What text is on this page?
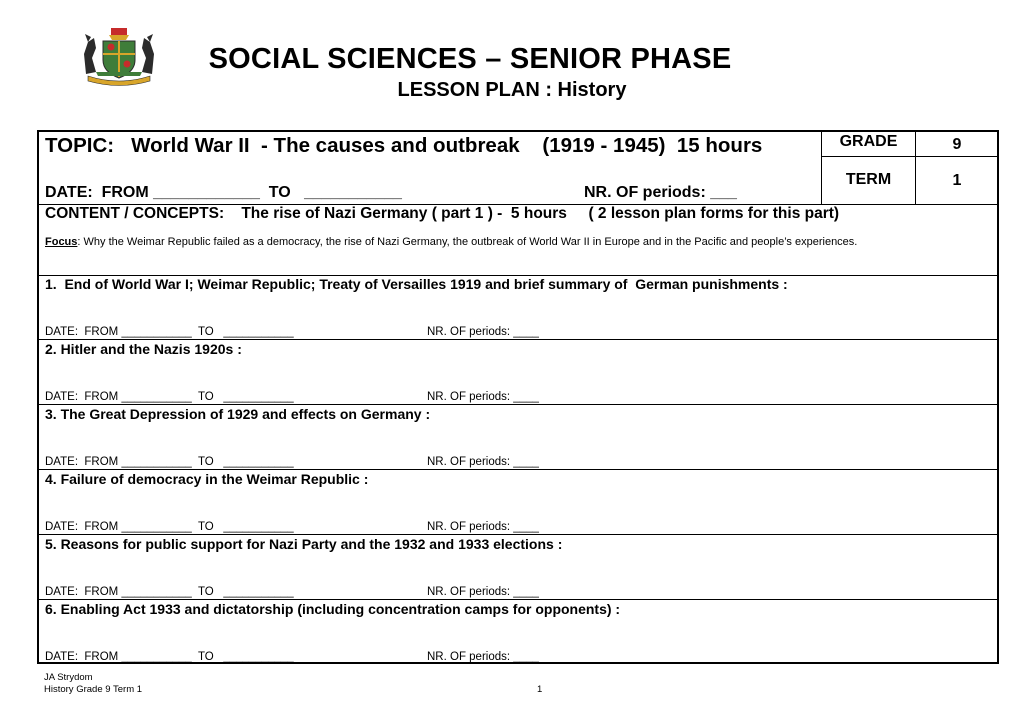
SOCIAL SCIENCES – SENIOR PHASE
LESSON PLAN : History
TOPIC:   World War II  - The causes and outbreak    (1919 - 1945)  15 hours
DATE:  FROM ____________  TO   ___________	NR. OF periods: ___
GRADE	9
TERM	1
CONTENT / CONCEPTS:    The rise of Nazi Germany ( part 1 ) -  5 hours     ( 2 lesson plan forms for this part)
Focus: Why the Weimar Republic failed as a democracy, the rise of Nazi Germany, the outbreak of World War II in Europe and in the Pacific and people’s experiences.
1.  End of World War I; Weimar Republic; Treaty of Versailles 1919 and brief summary of  German punishments :
DATE:  FROM ___________  TO   ___________	NR. OF periods: ____
2. Hitler and the Nazis 1920s :
DATE:  FROM ___________  TO   ___________	NR. OF periods: ____
3. The Great Depression of 1929 and effects on Germany :
DATE:  FROM ___________  TO   ___________	NR. OF periods: ____
4. Failure of democracy in the Weimar Republic :
DATE:  FROM ___________  TO   ___________	NR. OF periods: ____
5. Reasons for public support for Nazi Party and the 1932 and 1933 elections :
DATE:  FROM ___________  TO   ___________	NR. OF periods: ____
6. Enabling Act 1933 and dictatorship (including concentration camps for opponents) :
DATE:  FROM ___________  TO   ___________	NR. OF periods: ____
JA Strydom
History Grade 9 Term 1	1
